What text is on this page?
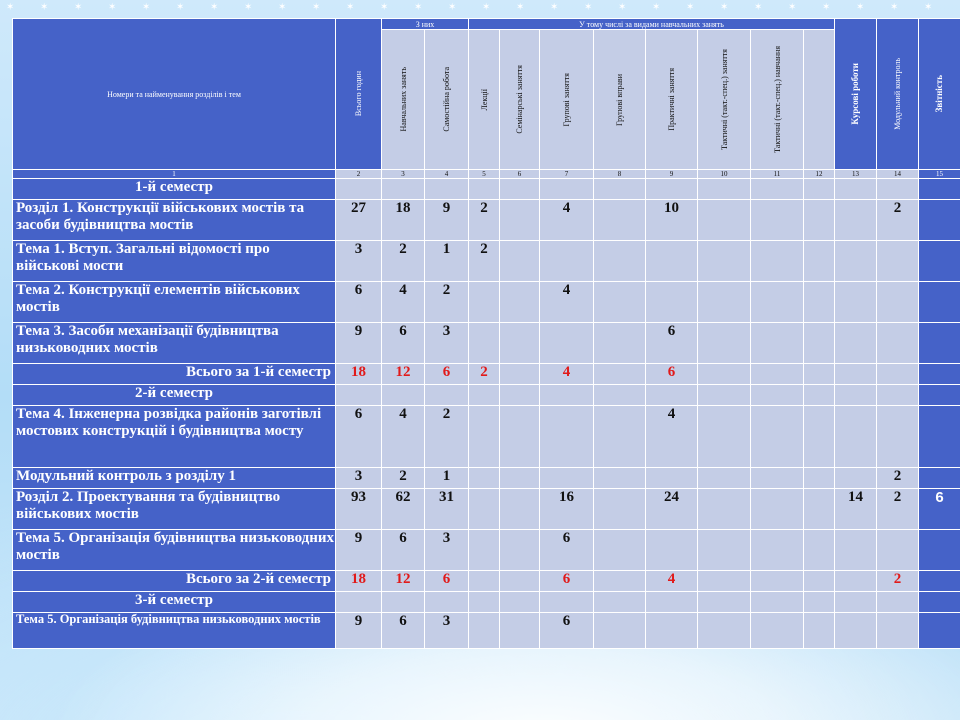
✶	✶	✶	✶	✶	✶	✶	✶	✶	✶	✶	✶	✶	✶	✶	✶	✶	✶	✶	✶	✶	✶	✶	✶	✶	✶	✶	✶
Номери та найменування розділів і тем	Всього годин	З них		У тому числі за видами навчальних занять								Курсові роботи	Модульний контроль	Звітність

		Навчальних занять	Самостійна робота	Лекції	Семінарські заняття	Групові заняття	Групові вправи	Практичні заняття	Тактичні (такт.-спец.) заняття	Тактичні (такт.-спец.) навчання				

1	2	3	4	5	6	7	8	9	10	11	12	13	14	15
1-й семестр														
Розділ 1. Конструкції військових мостів та засоби будівництва мостів	27	18	9	2		4		10					2	
Тема 1. Вступ. Загальні відомості про військові мости	3	2	1	2										
Тема 2. Конструкції елементів військових мостів	6	4	2			4								
Тема 3. Засоби механізації будівництва низьководних мостів	9	6	3					6						
Всього за 1-й семестр	18	12	6	2		4		6						
2-й семестр														
Тема 4. Інженерна розвідка районів заготівлі мостових конструкцій і будівництва мосту	6	4	2					4						
Модульний контроль з розділу 1	3	2	1										2	
Розділ 2. Проектування та будівництво військових мостів	93	62	31			16		24				14	2	6
Тема 5. Організація будівництва низьководних мостів	9	6	3			6								
Всього за 2-й семестр	18	12	6			6		4					2	
3-й семестр														
Тема 5. Організація будівництва низьководних мостів	9	6	3			6								
